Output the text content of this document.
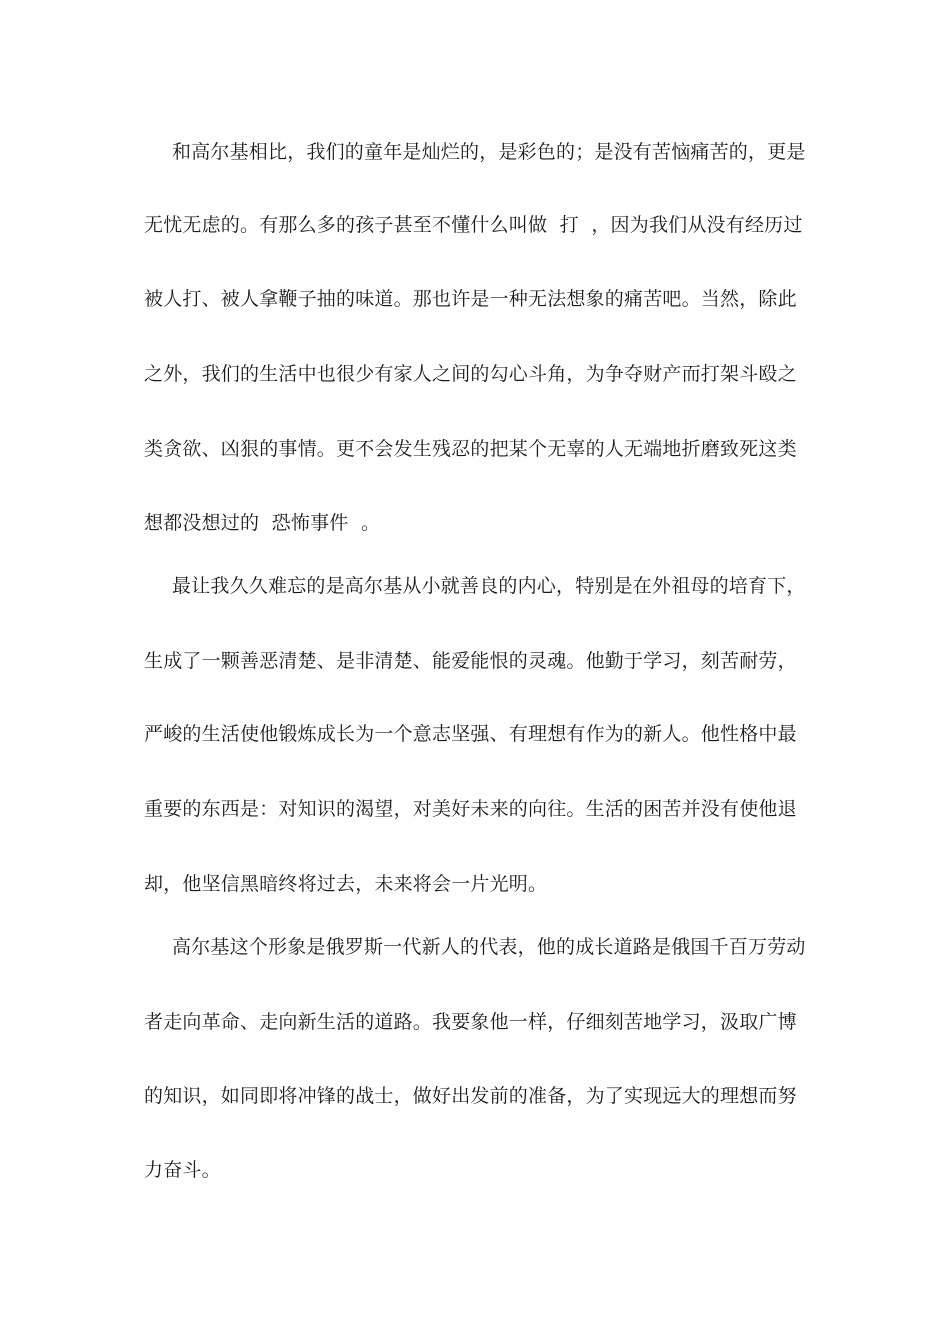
和高尔基相比，我们的童年是灿烂的，是彩色的；是没有苦恼痛苦的，更是
无忧无虑的。有那么多的孩子甚至不懂什么叫做  打  ，因为我们从没有经历过
被人打、被人拿鞭子抽的味道。那也许是一种无法想象的痛苦吧。当然，除此
之外，我们的生活中也很少有家人之间的勾心斗角，为争夺财产而打架斗殴之
类贪欲、凶狠的事情。更不会发生残忍的把某个无辜的人无端地折磨致死这类
想都没想过的  恐怖事件  。
最让我久久难忘的是高尔基从小就善良的内心，特别是在外祖母的培育下，
生成了一颗善恶清楚、是非清楚、能爱能恨的灵魂。他勤于学习，刻苦耐劳，
严峻的生活使他锻炼成长为一个意志坚强、有理想有作为的新人。他性格中最
重要的东西是：对知识的渴望，对美好未来的向往。生活的困苦并没有使他退
却，他坚信黑暗终将过去，未来将会一片光明。
高尔基这个形象是俄罗斯一代新人的代表，他的成长道路是俄国千百万劳动
者走向革命、走向新生活的道路。我要象他一样，仔细刻苦地学习，汲取广博
的知识，如同即将冲锋的战士，做好出发前的准备，为了实现远大的理想而努
力奋斗。
